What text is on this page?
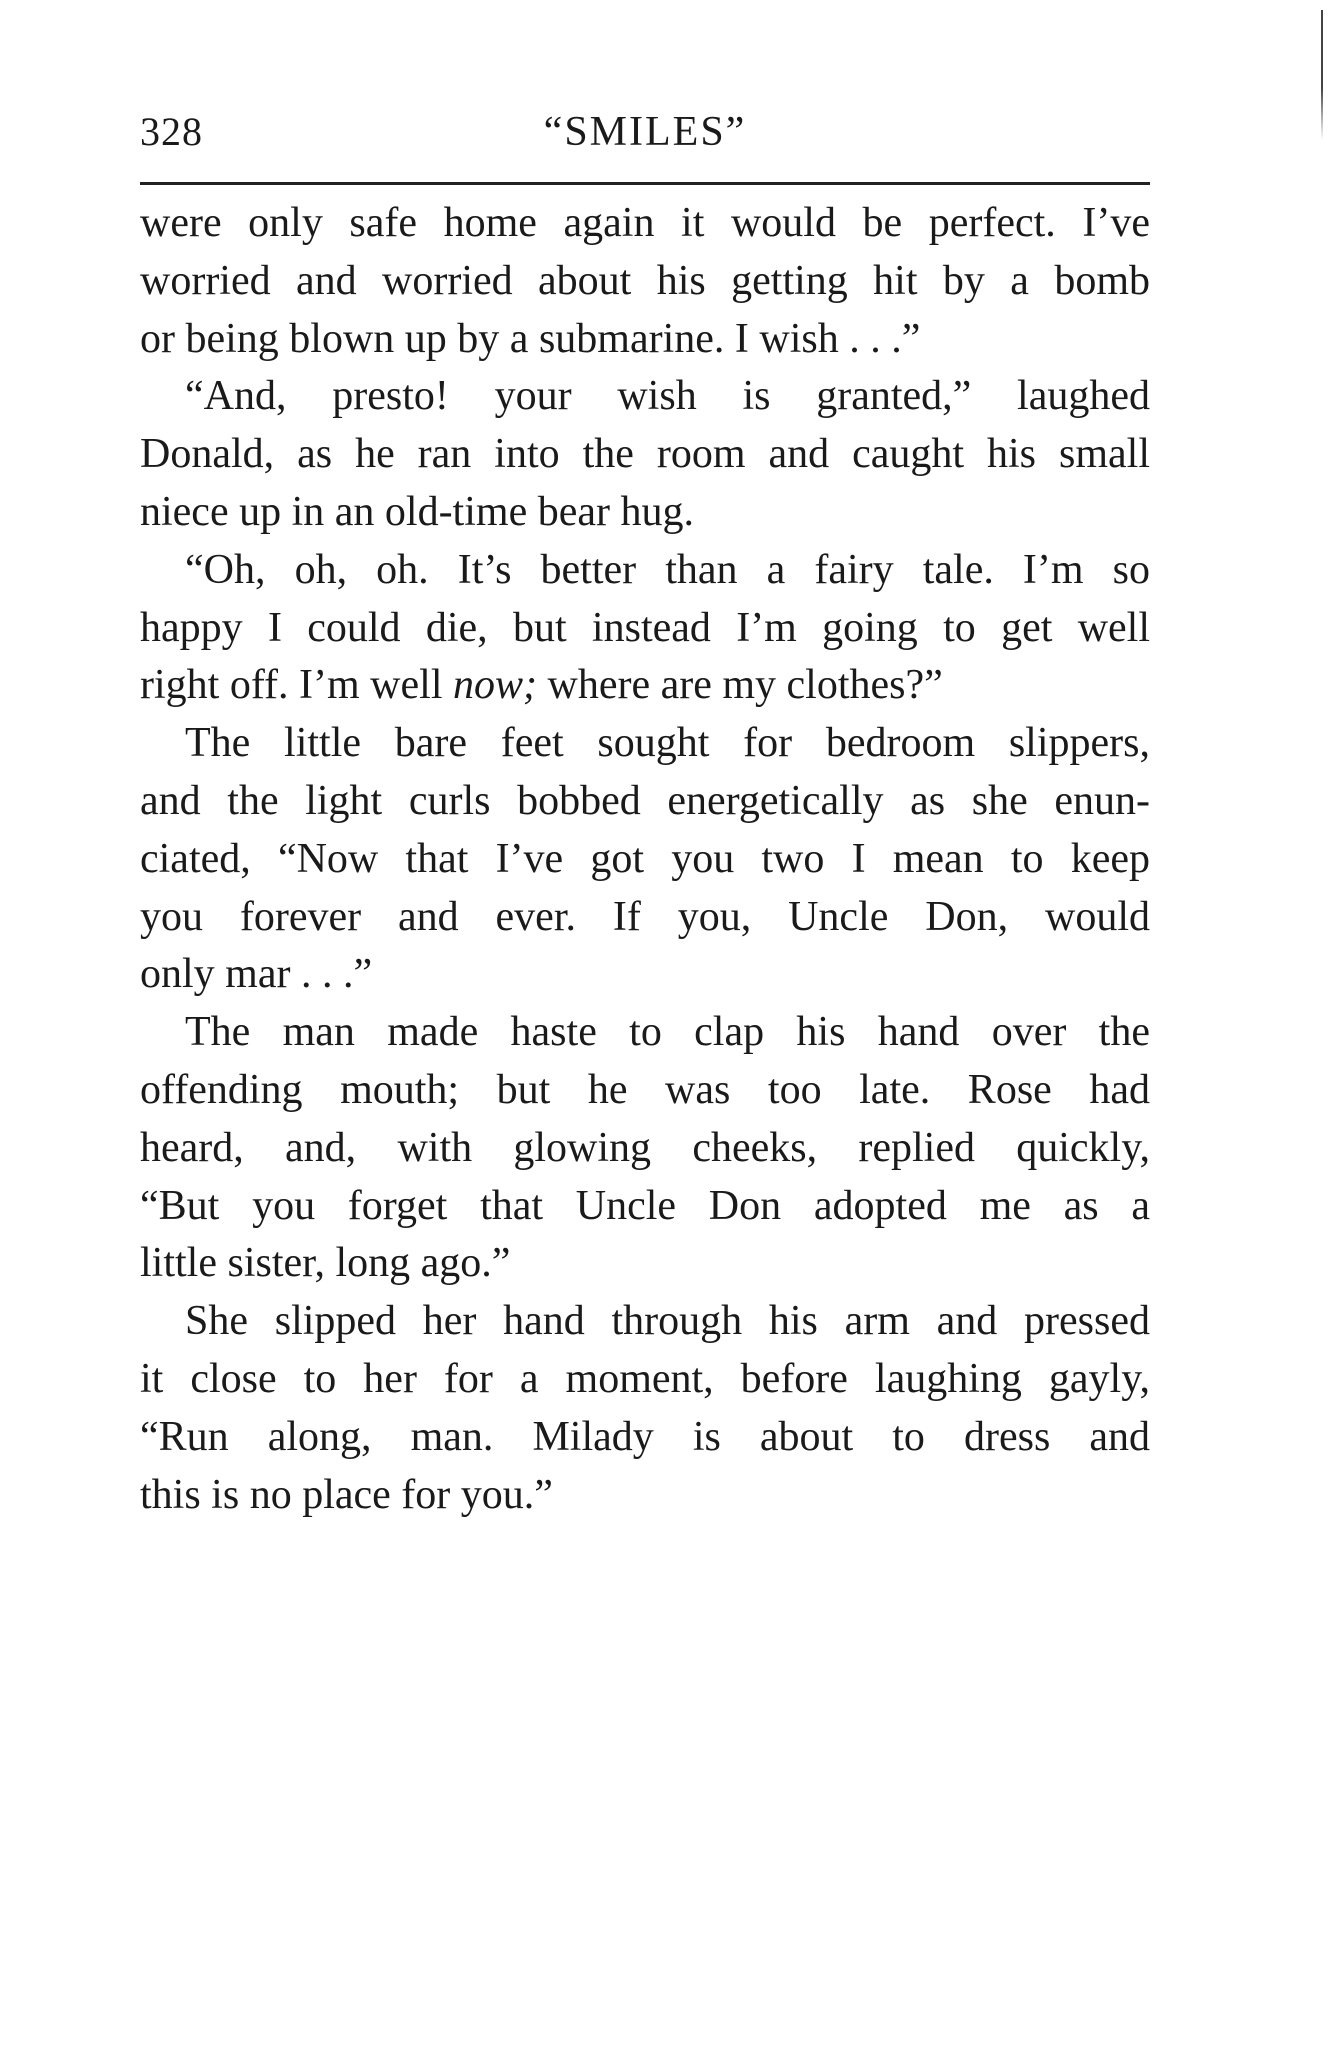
328	“SMILES”
were only safe home again it would be perfect. I’ve
worried and worried about his getting hit by a bomb
or being blown up by a submarine. I wish . . .”
“And, presto! your wish is granted,” laughed
Donald, as he ran into the room and caught his small
niece up in an old-time bear hug.
“Oh, oh, oh. It’s better than a fairy tale. I’m so
happy I could die, but instead I’m going to get well
right off. I’m well now; where are my clothes?”
The little bare feet sought for bedroom slippers,
and the light curls bobbed energetically as she enun-
ciated, “Now that I’ve got you two I mean to keep
you forever and ever. If you, Uncle Don, would
only mar . . .”
The man made haste to clap his hand over the
offending mouth; but he was too late. Rose had
heard, and, with glowing cheeks, replied quickly,
“But you forget that Uncle Don adopted me as a
little sister, long ago.”
She slipped her hand through his arm and pressed
it close to her for a moment, before laughing gayly,
“Run along, man. Milady is about to dress and
this is no place for you.”
